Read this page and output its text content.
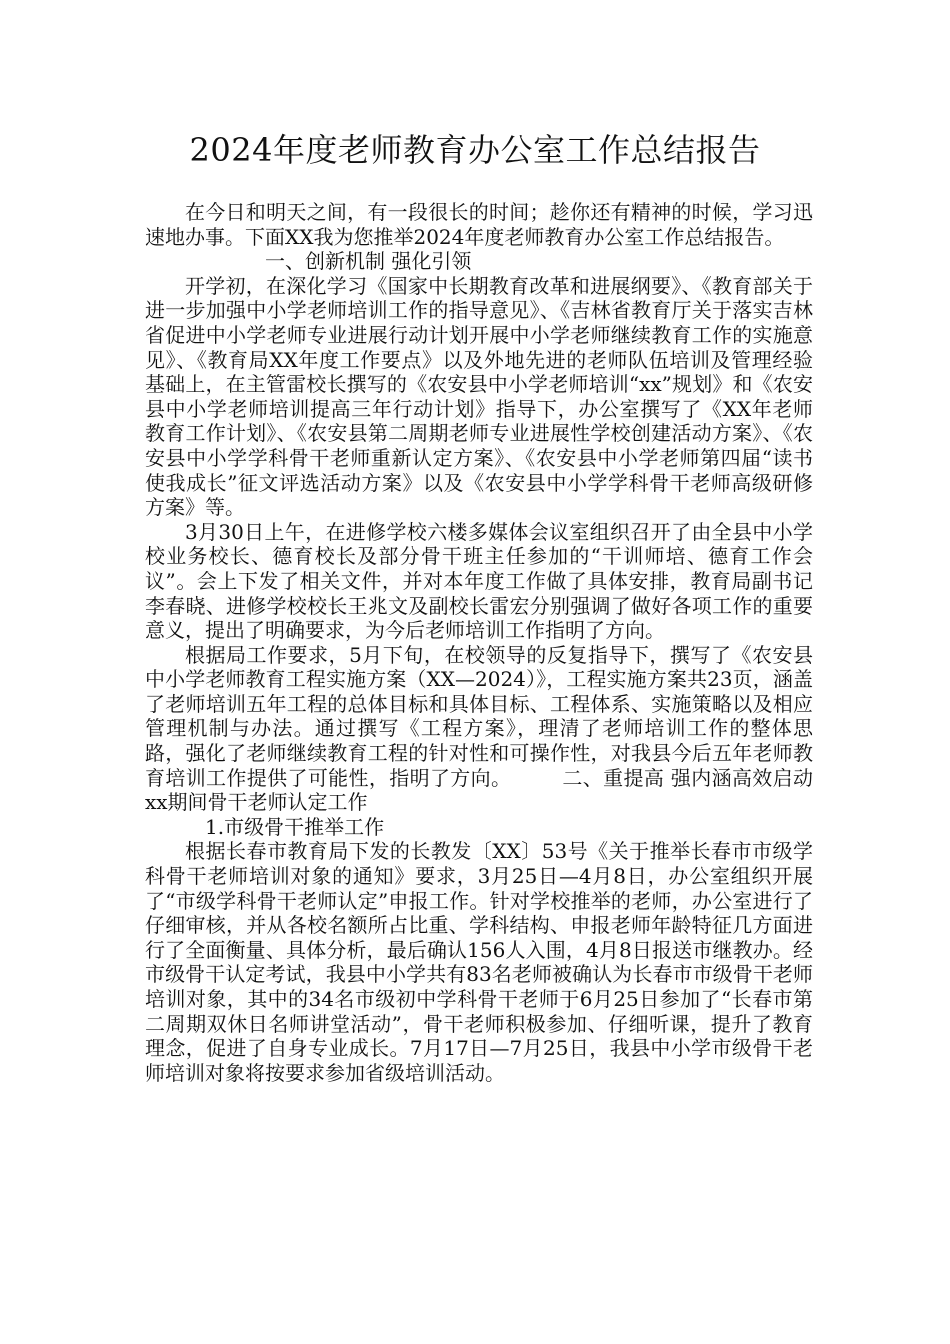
2024年度老师教育办公室工作总结报告

在今日和明天之间，有一段很长的时间；趁你还有精神的时候，学习迅速地办事。下面XX我为您推举2024年度老师教育办公室工作总结报告。

一、创新机制 强化引领

开学初，在深化学习《国家中长期教育改革和进展纲要》、《教育部关于进一步加强中小学老师培训工作的指导意见》、《吉林省教育厅关于落实吉林省促进中小学老师专业进展行动计划开展中小学老师继续教育工作的实施意见》、《教育局XX年度工作要点》以及外地先进的老师队伍培训及管理经验基础上，在主管雷校长撰写的《农安县中小学老师培训“xx”规划》和《农安县中小学老师培训提高三年行动计划》指导下，办公室撰写了《XX年老师教育工作计划》、《农安县第二周期老师专业进展性学校创建活动方案》、《农安县中小学学科骨干老师重新认定方案》、《农安县中小学老师第四届“读书使我成长”征文评选活动方案》以及《农安县中小学学科骨干老师高级研修方案》等。

3月30日上午，在进修学校六楼多媒体会议室组织召开了由全县中小学校业务校长、德育校长及部分骨干班主任参加的“干训师培、德育工作会议”。会上下发了相关文件，并对本年度工作做了具体安排，教育局副书记李春晓、进修学校校长王兆文及副校长雷宏分别强调了做好各项工作的重要意义，提出了明确要求，为今后老师培训工作指明了方向。

根据局工作要求，5月下旬，在校领导的反复指导下，撰写了《农安县中小学老师教育工程实施方案（XX—2024）》，工程实施方案共23页，涵盖了老师培训五年工程的总体目标和具体目标、工程体系、实施策略以及相应管理机制与办法。通过撰写《工程方案》，理清了老师培训工作的整体思路，强化了老师继续教育工程的针对性和可操作性，对我县今后五年老师教育培训工作提供了可能性，指明了方向。　　　二、重提高 强内涵高效启动xx期间骨干老师认定工作

1.市级骨干推举工作

根据长春市教育局下发的长教发〔XX〕53号《关于推举长春市市级学科骨干老师培训对象的通知》要求，3月25日—4月8日，办公室组织开展了“市级学科骨干老师认定”申报工作。针对学校推举的老师，办公室进行了仔细审核，并从各校名额所占比重、学科结构、申报老师年龄特征几方面进行了全面衡量、具体分析，最后确认156人入围，4月8日报送市继教办。经市级骨干认定考试，我县中小学共有83名老师被确认为长春市市级骨干老师培训对象，其中的34名市级初中学科骨干老师于6月25日参加了“长春市第二周期双休日名师讲堂活动”，骨干老师积极参加、仔细听课，提升了教育理念，促进了自身专业成长。7月17日—7月25日，我县中小学市级骨干老师培训对象将按要求参加省级培训活动。
